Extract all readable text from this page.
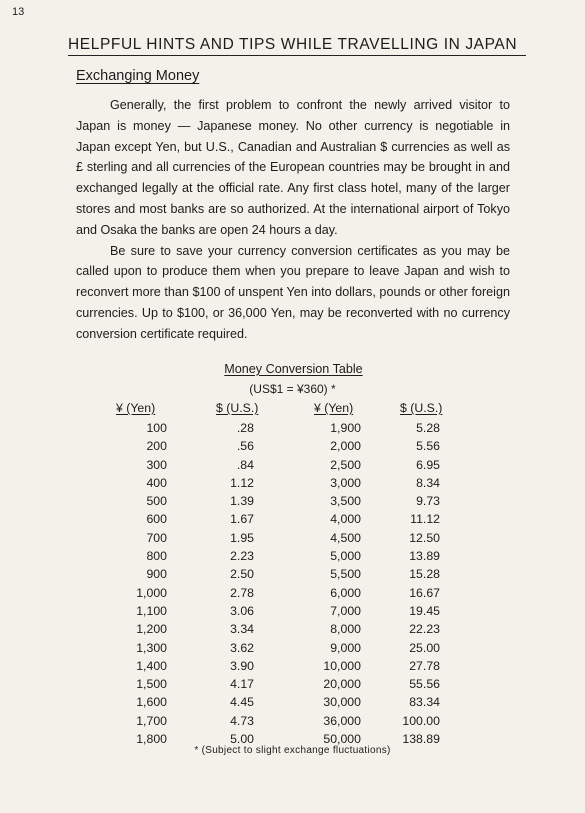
13
HELPFUL HINTS AND TIPS WHILE TRAVELLING IN JAPAN
Exchanging Money

Generally, the first problem to confront the newly arrived visitor to Japan is money — Japanese money. No other currency is negotiable in Japan except Yen, but U.S., Canadian and Australian $ currencies as well as £ sterling and all currencies of the European countries may be brought in and exchanged legally at the official rate. Any first class hotel, many of the larger stores and most banks are so authorized. At the international airport of Tokyo and Osaka the banks are open 24 hours a day.

Be sure to save your currency conversion certificates as you may be called upon to produce them when you prepare to leave Japan and wish to reconvert more than $100 of unspent Yen into dollars, pounds or other foreign currencies. Up to $100, or 36,000 Yen, may be reconverted with no currency conversion certificate required.

Money Conversion Table
(US$1 = ¥360) *
¥ (Yen)
100
200
300
400
500
600
700
800
900
1,000
1,100
1,200
1,300
1,400
1,500
1,600
1,700
1,800
$ (U.S.)
.28
.56
.84
1.12
1.39
1.67
1.95
2.23
2.50
2.78
3.06
3.34
3.62
3.90
4.17
4.45
4.73
5.00
¥ (Yen)
1,900
2,000
2,500
3,000
3,500
4,000
4,500
5,000
5,500
6,000
7,000
8,000
9,000
10,000
20,000
30,000
36,000
50,000
$ (U.S.)
5.28
5.56
6.95
8.34
9.73
11.12
12.50
13.89
15.28
16.67
19.45
22.23
25.00
27.78
55.56
83.34
100.00
138.89
* (Subject to slight exchange fluctuations)
